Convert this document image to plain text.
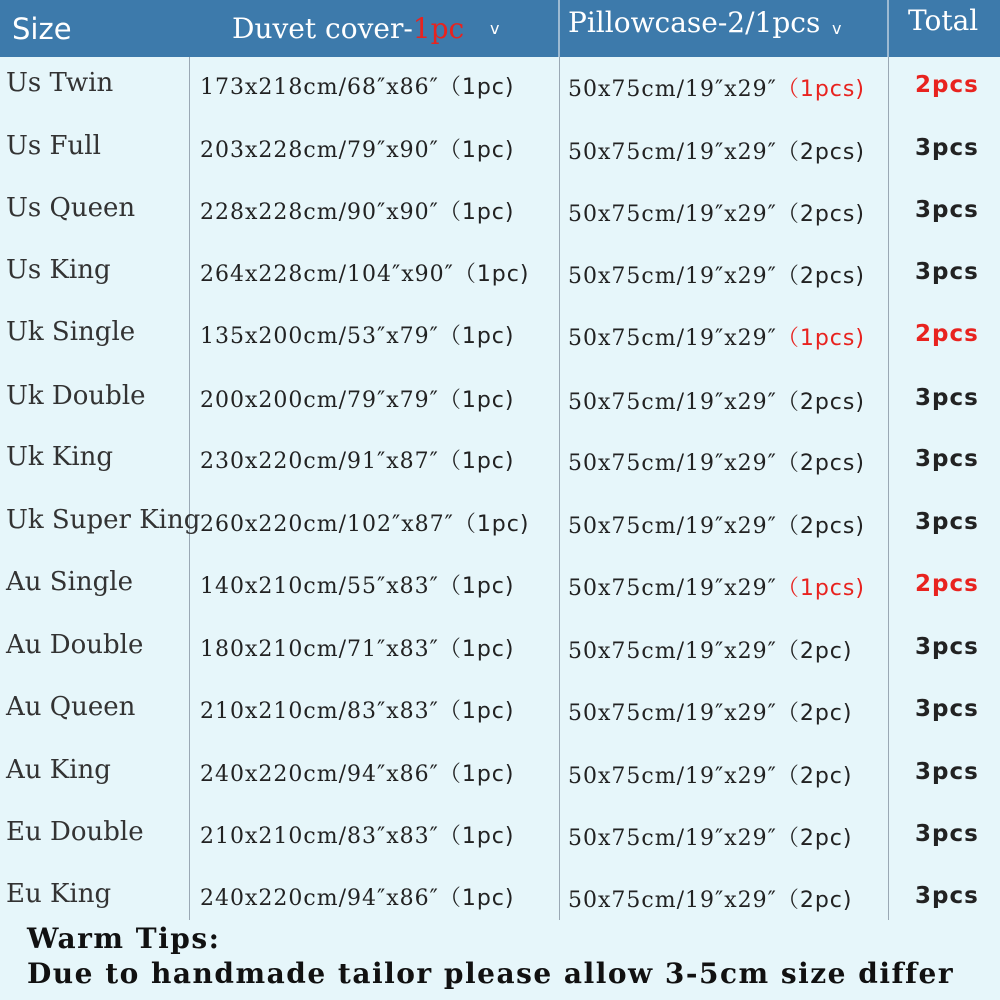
Size	Duvet cover- 1pc v Pillowcase-2/1pcs v Total
Us Twin	173x218cm/68″x86″（1pc) 50x75cm/19″x29″（1pcs) 2pcs
Us Full	203x228cm/79″x90″（1pc) 50x75cm/19″x29″（2pcs) 3pcs
Us Queen	228x228cm/90″x90″（1pc) 50x75cm/19″x29″（2pcs) 3pcs
Us King	264x228cm/104″x90″（1pc) 50x75cm/19″x29″（2pcs) 3pcs
Uk Single	135x200cm/53″x79″（1pc) 50x75cm/19″x29″（1pcs) 2pcs
Uk Double 200x200cm/79″x79″（1pc) 50x75cm/19″x29″（2pcs) 3pcs
Uk King	230x220cm/91″x87″（1pc) 50x75cm/19″x29″（2pcs) 3pcs
Uk Super King 260x220cm/102″x87″（1pc) 50x75cm/19″x29″（2pcs) 3pcs
Au Single	140x210cm/55″x83″（1pc) 50x75cm/19″x29″（1pcs) 2pcs
Au Double	180x210cm/71″x83″（1pc) 50x75cm/19″x29″（2pc)	3pcs
Au Queen	210x210cm/83″x83″（1pc) 50x75cm/19″x29″（2pc)	3pcs
Au King	240x220cm/94″x86″（1pc) 50x75cm/19″x29″（2pc)	3pcs
Eu Double	210x210cm/83″x83″（1pc) 50x75cm/19″x29″（2pc)	3pcs
Eu King	240x220cm/94″x86″（1pc) 50x75cm/19″x29″（2pc)	3pcs
Warm Tips:
Due to handmade tailor please allow 3-5cm size differ
